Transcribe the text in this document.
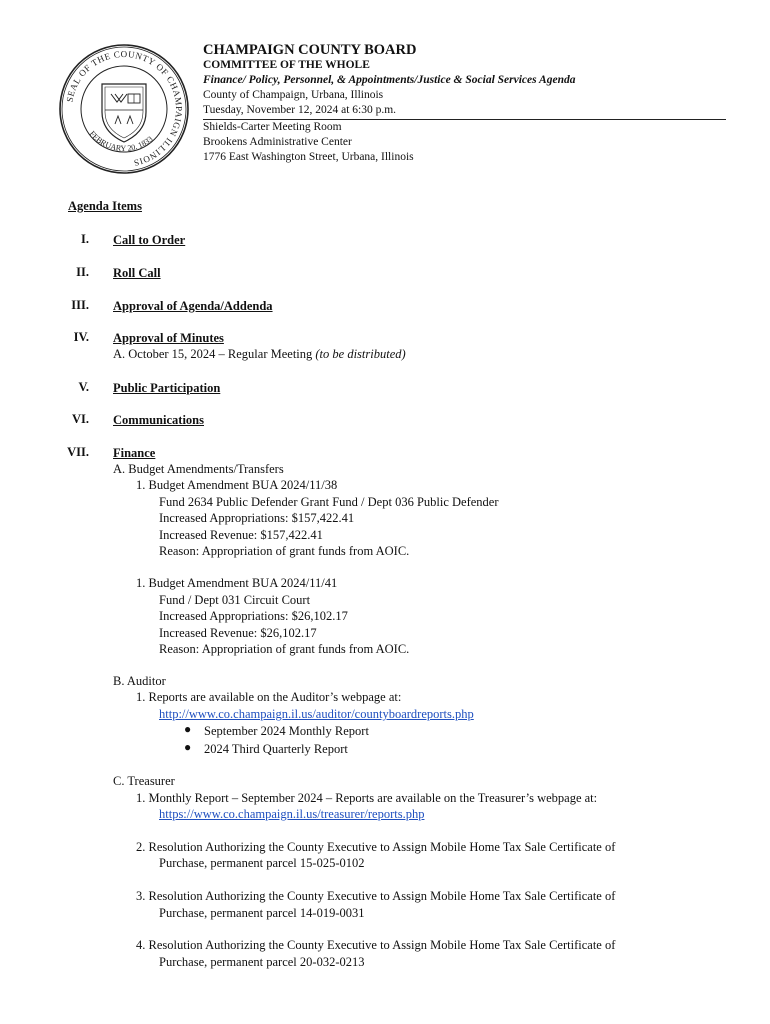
SEAL OF THE COUNTY OF CHAMPAIGN ILLINOIS
FEBRUARY 20. 1833
CHAMPAIGN COUNTY BOARD
COMMITTEE OF THE WHOLE
Finance/ Policy, Personnel, & Appointments/Justice & Social Services Agenda
County of Champaign, Urbana, Illinois
Tuesday, November 12, 2024 at 6:30 p.m.
Shields-Carter Meeting Room
Brookens Administrative Center
1776 East Washington Street, Urbana, Illinois
Agenda Items
I. Call to Order
II. Roll Call
III. Approval of Agenda/Addenda
IV. Approval of Minutes
A. October 15, 2024 – Regular Meeting (to be distributed)
V. Public Participation
VI. Communications
VII. Finance
A. Budget Amendments/Transfers
1. Budget Amendment BUA 2024/11/38
Fund 2634 Public Defender Grant Fund / Dept 036 Public Defender
Increased Appropriations: $157,422.41
Increased Revenue: $157,422.41
Reason: Appropriation of grant funds from AOIC.
1. Budget Amendment BUA 2024/11/41
Fund / Dept 031 Circuit Court
Increased Appropriations: $26,102.17
Increased Revenue: $26,102.17
Reason: Appropriation of grant funds from AOIC.
B. Auditor
1. Reports are available on the Auditor’s webpage at:
http://www.co.champaign.il.us/auditor/countyboardreports.php
● September 2024 Monthly Report
● 2024 Third Quarterly Report
C. Treasurer
1. Monthly Report – September 2024 – Reports are available on the Treasurer’s webpage at:
https://www.co.champaign.il.us/treasurer/reports.php
2. Resolution Authorizing the County Executive to Assign Mobile Home Tax Sale Certificate of
Purchase, permanent parcel 15-025-0102
3. Resolution Authorizing the County Executive to Assign Mobile Home Tax Sale Certificate of
Purchase, permanent parcel 14-019-0031
4. Resolution Authorizing the County Executive to Assign Mobile Home Tax Sale Certificate of
Purchase, permanent parcel 20-032-0213
